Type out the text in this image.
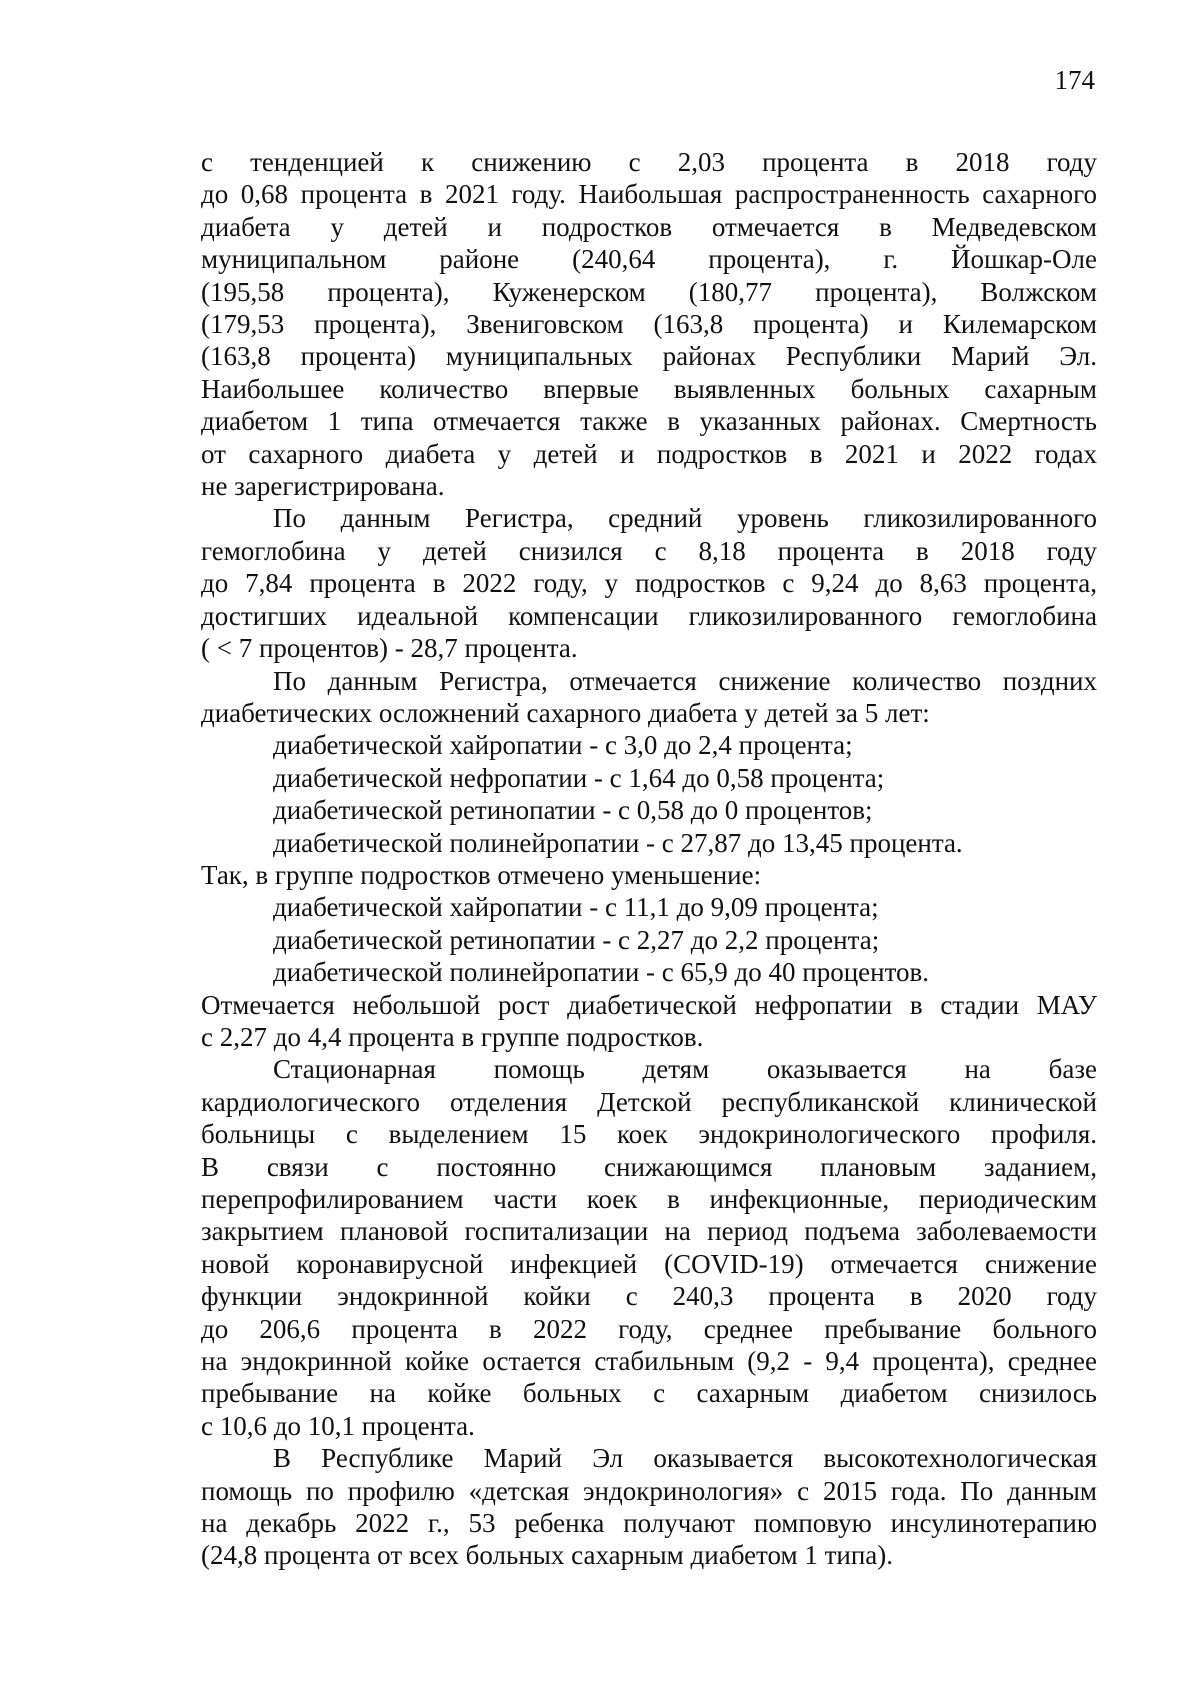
174
с тенденцией к снижению с 2,03 процента в 2018 году
до 0,68 процента в 2021 году. Наибольшая распространенность сахарного
диабета у детей и подростков отмечается в Медведевском
муниципальном районе (240,64 процента), г. Йошкар-Оле
(195,58 процента), Куженерском (180,77 процента), Волжском
(179,53 процента), Звениговском (163,8 процента) и Килемарском
(163,8 процента) муниципальных районах Республики Марий Эл.
Наибольшее количество впервые выявленных больных сахарным
диабетом 1 типа отмечается также в указанных районах. Смертность
от сахарного диабета у детей и подростков в 2021 и 2022 годах
не зарегистрирована.
По данным Регистра, средний уровень гликозилированного
гемоглобина у детей снизился с 8,18 процента в 2018 году
до 7,84 процента в 2022 году, у подростков с 9,24 до 8,63 процента,
достигших идеальной компенсации гликозилированного гемоглобина
( < 7 процентов) - 28,7 процента.
По данным Регистра, отмечается снижение количество поздних
диабетических осложнений сахарного диабета у детей за 5 лет:
диабетической хайропатии - с 3,0 до 2,4 процента;
диабетической нефропатии - с 1,64 до 0,58 процента;
диабетической ретинопатии - с 0,58 до 0 процентов;
диабетической полинейропатии - с 27,87 до 13,45 процента.
Так, в группе подростков отмечено уменьшение:
диабетической хайропатии - с 11,1 до 9,09 процента;
диабетической ретинопатии - с 2,27 до 2,2 процента;
диабетической полинейропатии - с 65,9 до 40 процентов.
Отмечается небольшой рост диабетической нефропатии в стадии МАУ
с 2,27 до 4,4 процента в группе подростков.
Стационарная помощь детям оказывается на базе
кардиологического отделения Детской республиканской клинической
больницы с выделением 15 коек эндокринологического профиля.
В связи с постоянно снижающимся плановым заданием,
перепрофилированием части коек в инфекционные, периодическим
закрытием плановой госпитализации на период подъема заболеваемости
новой коронавирусной инфекцией (COVID-19) отмечается снижение
функции эндокринной койки с 240,3 процента в 2020 году
до 206,6 процента в 2022 году, среднее пребывание больного
на эндокринной койке остается стабильным (9,2 - 9,4 процента), среднее
пребывание на койке больных с сахарным диабетом снизилось
с 10,6 до 10,1 процента.
В Республике Марий Эл оказывается высокотехнологическая
помощь по профилю «детская эндокринология» с 2015 года. По данным
на декабрь 2022 г., 53 ребенка получают помповую инсулинотерапию
(24,8 процента от всех больных сахарным диабетом 1 типа).
